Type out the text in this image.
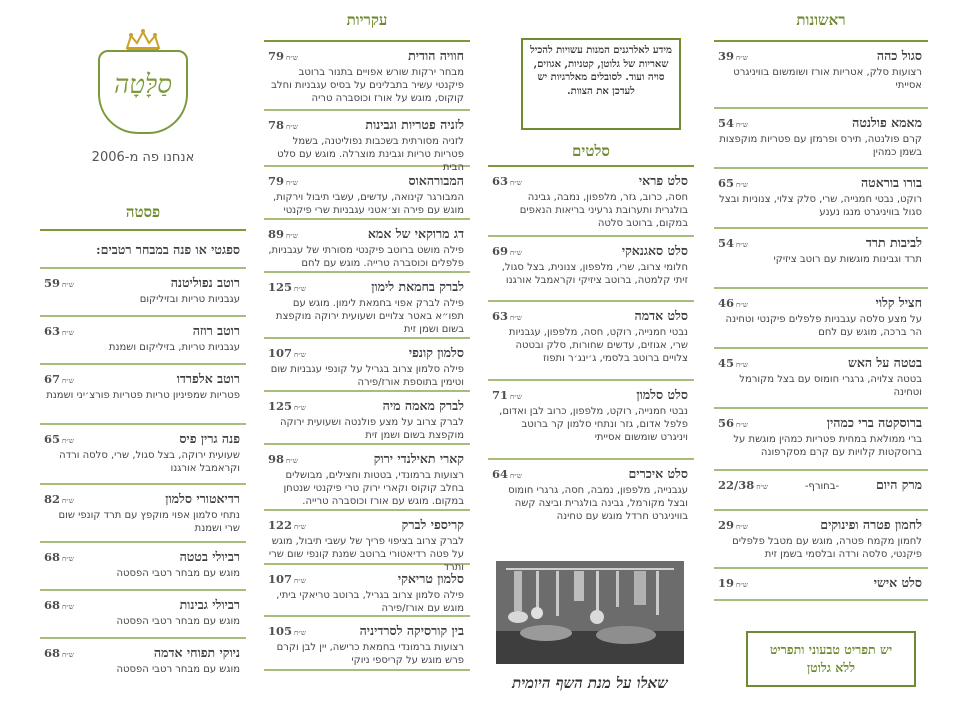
ראשונות
סגול כהה
39 ש״ח
רצועות סלק, אטריות אורז ושומשום בוויניגרט אסייתי
מאמא פולנטה
54 ש״ח
קרם פולנטה, תירס ופרמזן עם פטריות מוקפצות בשמן כמהין
בורו בוראטה
65 ש״ח
רוקט, נבטי חמנייה, שרי, סלק צלוי, צנוניות ובצל סגול בוויניגרט מנגו נענע
לביבות תרד
54 ש״ח
תרד וגבינות מוגשות עם רוטב ציזיקי
חציל קלוי
46 ש״ח
על מצע סלסה עגבניות פלפלים פיקנטי וטחינה הר ברכה, מוגש עם לחם
בטטה על האש
45 ש״ח
בטטה צלויה, גרגרי חומוס עם בצל מקורמל וטחינה
ברוסקטה ברי כמהין
56 ש״ח
ברי ממולאת במחית פטריות כמהין מוגשת על ברוסקטות קלויות עם קרם מסקרפונה
מרק היום
-בחורף-
22/38 ש״ח
לחמון פטרה ופינוקים
29 ש״ח
לחמון מקמח פטרה, מוגש עם מטבל פלפלים פיקנטי, סלסה ורדה ובלסמי בשמן זית
סלט אישי
19 ש״ח
יש תפריט טבעוני ותפריט ללא גלוטן
מידע לאלרגנים המנות עשויות להכיל שאריות של גלוטן, קטניות, אגוזים, סויה ועוד. לסובלים מאלרגיות יש לעדכן את הצוות.
סלטים
סלט פראי
63 ש״ח
חסה, כרוב, גזר, מלפפון, נמבה, גבינה בולגרית ותערובת גרעיני בריאות הנאפים במקום, ברוטב סלטה
סלט סאגנאקי
69 ש״ח
חלומי צרוב, שרי, מלפפון, צנונית, בצל סגול, זיתי קלמטה, ברוטב ציזיקי וקראמבל אורגנו
סלט אדמה
63 ש״ח
נבטי חמנייה, רוקט, חסה, מלפפון, עגבניות שרי, אגוזים, עדשים שחורות, סלק ובטטה צלויים ברוטב בלסמי, ג׳ינג׳ר ותפוז
סלט סלמון
71 ש״ח
נבטי חמנייה, רוקט, מלפפון, כרוב לבן ואדום, פלפל אדום, גזר ונתחי סלמון קר ברוטב ויניגרט שומשום אסייתי
סלט איכרים
64 ש״ח
עגבנייה, מלפפון, נמבה, חסה, גרגרי חומוס ובצל מקורמל, גבינה בולגרית וביצה קשה בוויניגרט חרדל מוגש עם טחינה
שאלו על מנת השף היומית
עקריות
חוויה הודית
79 ש״ח
מבחר ירקות שורש אפויים בתנור ברוטב פיקנטי עשיר בתבלינים על בסיס עגבניות וחלב קוקוס, מוגש על אורז וכוסברה טריה
לזניה פטריות וגבינות
78 ש״ח
לזניה מסורתית בשכבות נפוליטנה, בשמל פטריות טריות וגבינת מוצרלה. מוגש עם סלט הבית
המבורהאוס
79 ש״ח
המבורגר קינואה, עדשים, עשבי תיבול וירקות, מוגש עם פירה וצ׳אטני עגבניות שרי פיקנטי
דג מרוקאי של אמא
89 ש״ח
פילה מושט ברוטב פיקנטי מסורתי של עגבניות, פלפלים וכוסברה טרייה. מוגש עם לחם
לברק בחמאת לימון
125 ש״ח
פילה לברק אפוי בחמאת לימון. מוגש עם תפו״א באטר צלויים ושעועית ירוקה מוקפצת בשום ושמן זית
סלמון קונפי
107 ש״ח
פילה סלמון צרוב בגריל על קונפי עגבניות שום וטימין בתוספת אורז/פירה
לברק מאמה מיה
125 ש״ח
לברק צרוב על מצע פולנטה ושעועית ירוקה מוקפצת בשום ושמן זית
קארי תאילנדי ירוק
98 ש״ח
רצועות ברמונדי, בטטות וחצילים, מבושלים בחלב קוקוס וקארי ירוק טרי פיקנטי שנטחן במקום. מוגש עם אורז וכוסברה טרייה.
קריספי לברק
122 ש״ח
לברק צרוב בציפוי פריך של עשבי תיבול, מוגש על פטה רדיאטורי ברוטב שמנת קונפי שום שרי ותרד
סלמון טריאקי
107 ש״ח
פילה סלמון צרוב בגריל, ברוטב טריאקי ביתי, מוגש עם אורז/פירה
בין קורסיקה לסרדיניה
105 ש״ח
רצועות ברמונדי בחמאת כרישה, יין לבן וקרם פרש מוגש על קריספי ניוקי
סַלָּטָה
אנחנו פה מ-2006
פסטה
ספגטי או פנה במבחר רטבים:
רוטב נפוליטנה
59 ש״ח
עגבניות טריות ובזיליקום
רוטב רוזה
63 ש״ח
עגבניות טריות, בזיליקום ושמנת
רוטב אלפרדו
67 ש״ח
פטריות שמפיניון טריות פטריות פורצ׳יני ושמנת
פנה גרין פיס
65 ש״ח
שעועית ירוקה, בצל סגול, שרי, סלסה ורדה וקראמבל אורגנו
רדיאטורי סלמון
82 ש״ח
נתחי סלמון אפוי מוקפץ עם תרד קונפי שום שרי ושמנת
רביולי בטטה
68 ש״ח
מוגש עם מבחר רטבי הפסטה
רביולי גבינות
68 ש״ח
מוגש עם מבחר רטבי הפסטה
ניוקי תפוחי אדמה
68 ש״ח
מוגש עם מבחר רטבי הפסטה
